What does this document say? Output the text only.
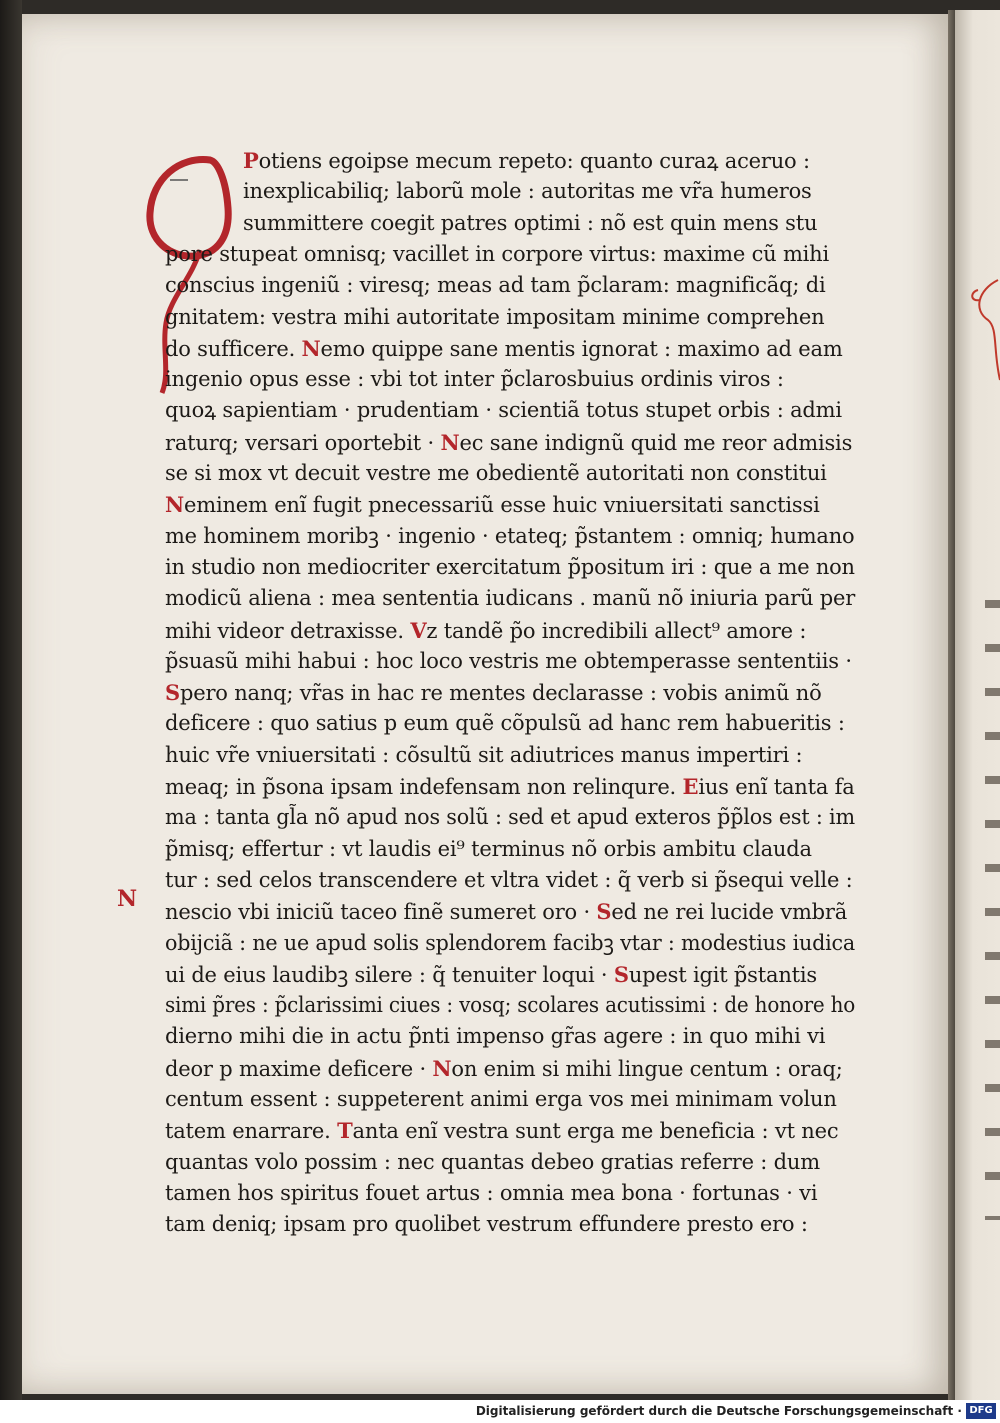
Potiens egoipse mecum repeto: quanto curaꝝ aceruo :
inexplicabiliq; laborũ mole : autoritas me vr̃a humeros
summittere coegit patres optimi : nõ est quin mens stu
pore stupeat omnisq; vacillet in corpore virtus: maxime cũ mihi
conscius ingeniũ : viresq; meas ad tam p̃claram: magnificãq; di
gnitatem: vestra mihi autoritate impositam minime comprehen
do sufficere. Nemo quippe sane mentis ignorat : maximo ad eam
ingenio opus esse : vbi tot inter p̃clarosbuius ordinis viros :
quoꝝ sapientiam · prudentiam · scientiã totus stupet orbis : admi
raturq; versari oportebit · Nec sane indignũ quid me reor admisis
se si mox vt decuit vestre me obedientẽ autoritati non constitui
Neminem enĩ fugit pnecessariũ esse huic vniuersitati sanctissi
me hominem moribꝫ · ingenio · etateq; p̃stantem : omniq; humano
in studio non mediocriter exercitatum p̃positum iri : que a me non
modicũ aliena : mea sententia iudicans . manũ nõ iniuria parũ per
mihi videor detraxisse. Vz tandẽ p̃o incredibili allect⁹ amore :
p̃suasũ mihi habui : hoc loco vestris me obtemperasse sententiis ·
Spero nanq; vr̃as in hac re mentes declarasse : vobis animũ nõ
deficere : quo satius p eum quẽ cõpulsũ ad hanc rem habueritis :
huic vr̃e vniuersitati : cõsultũ sit adiutrices manus impertiri :
meaq; in p̃sona ipsam indefensam non relinqure. Eius enĩ tanta fa
ma : tanta gl̃a nõ apud nos solũ : sed et apud exteros p̃p̃los est : im
p̃misq; effertur : vt laudis ei⁹ terminus nõ orbis ambitu clauda
tur : sed celos transcendere et vltra videt : q̃ verb si p̃sequi velle :
nescio vbi iniciũ taceo finẽ sumeret oro · Sed ne rei lucide vmbrã
obijciã : ne ue apud solis splendorem facibꝫ vtar : modestius iudica
ui de eius laudibꝫ silere : q̃ tenuiter loqui · Supest igit p̃stantis
simi p̃res : p̃clarissimi ciues : vosq; scolares acutissimi : de honore ho
dierno mihi die in actu p̃nti impenso gr̃as agere : in quo mihi vi
deor p maxime deficere · Non enim si mihi lingue centum : oraq;
centum essent : suppeterent animi erga vos mei minimam volun
tatem enarrare. Tanta enĩ vestra sunt erga me beneficia : vt nec
quantas volo possim : nec quantas debeo gratias referre : dum
tamen hos spiritus fouet artus : omnia mea bona · fortunas · vi
tam deniq; ipsam pro quolibet vestrum effundere presto ero :
N
Digitalisierung gefördert durch die Deutsche Forschungsgemeinschaft · DFG
